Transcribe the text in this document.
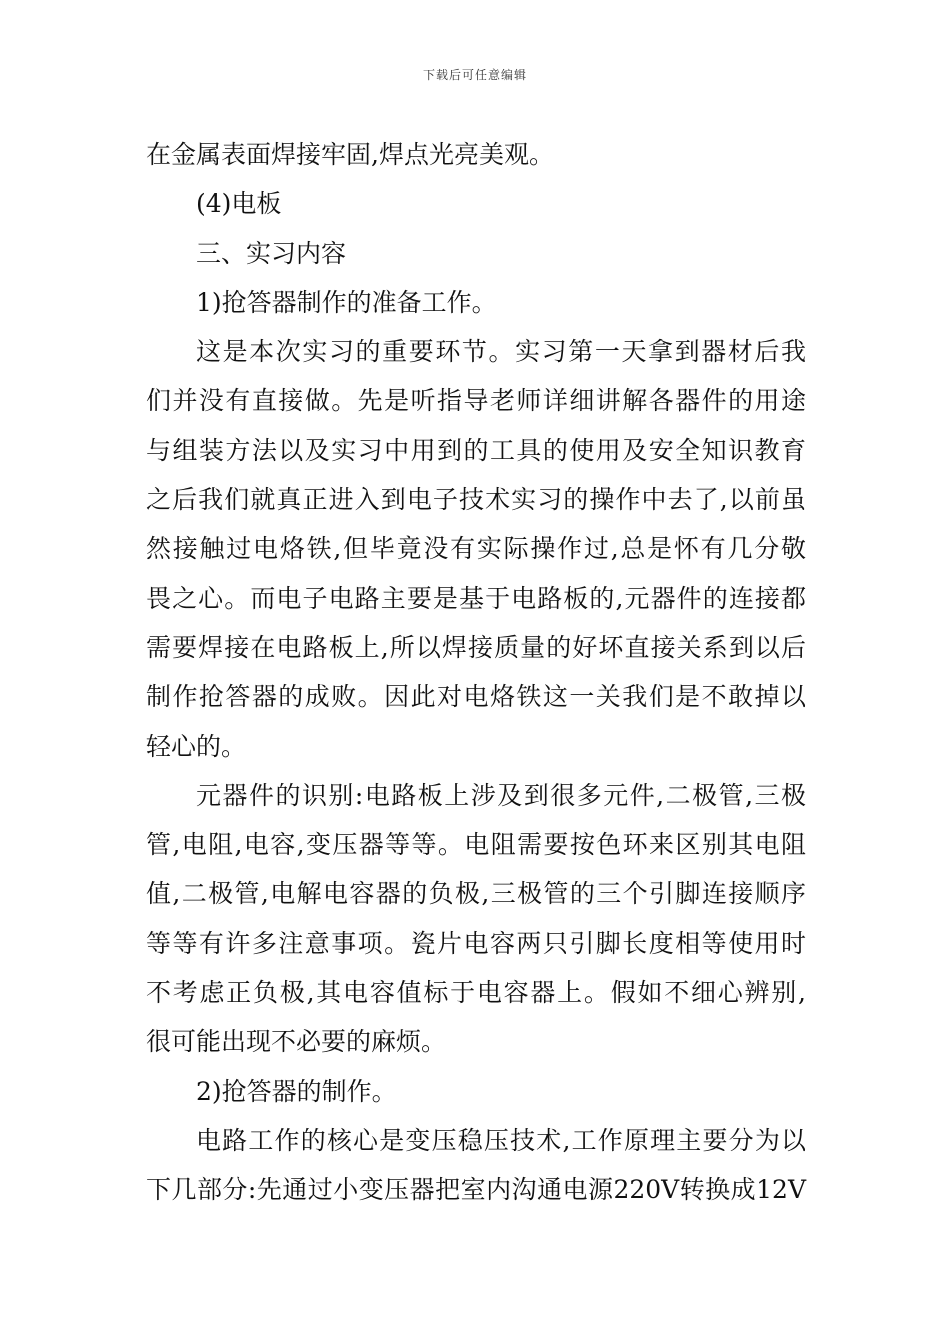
下载后可任意编辑
在金属表面焊接牢固,焊点光亮美观。
(4)电板
三、实习内容
1)抢答器制作的准备工作。
这是本次实习的重要环节。实习第一天拿到器材后我
们并没有直接做。先是听指导老师详细讲解各器件的用途
与组装方法以及实习中用到的工具的使用及安全知识教育
之后我们就真正进入到电子技术实习的操作中去了,以前虽
然接触过电烙铁,但毕竟没有实际操作过,总是怀有几分敬
畏之心。而电子电路主要是基于电路板的,元器件的连接都
需要焊接在电路板上,所以焊接质量的好坏直接关系到以后
制作抢答器的成败。因此对电烙铁这一关我们是不敢掉以
轻心的。
元器件的识别:电路板上涉及到很多元件,二极管,三极
管,电阻,电容,变压器等等。电阻需要按色环来区别其电阻
值,二极管,电解电容器的负极,三极管的三个引脚连接顺序
等等有许多注意事项。瓷片电容两只引脚长度相等使用时
不考虑正负极,其电容值标于电容器上。假如不细心辨别,
很可能出现不必要的麻烦。
2)抢答器的制作。
电路工作的核心是变压稳压技术,工作原理主要分为以
下几部分:先通过小变压器把室内沟通电源220V转换成12V
